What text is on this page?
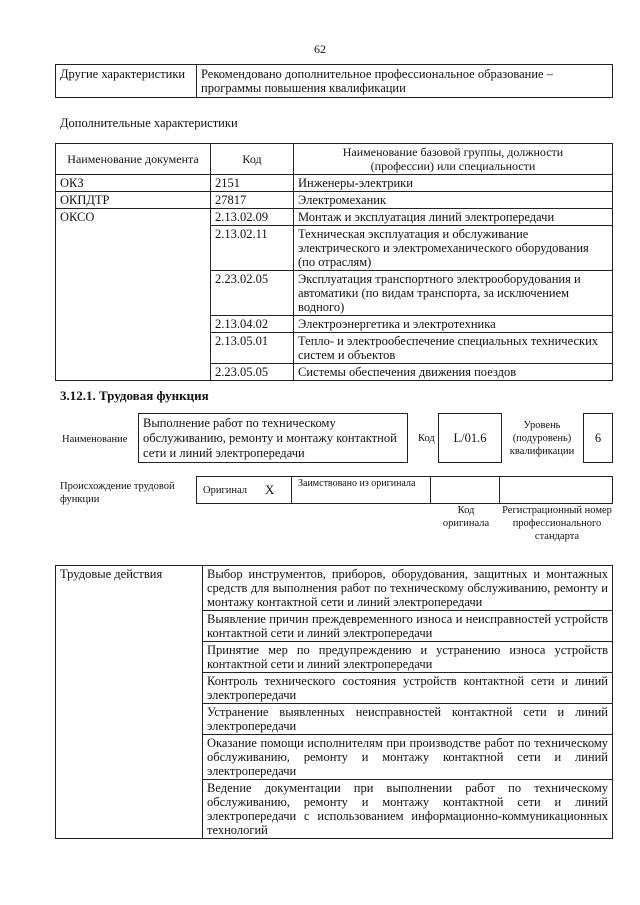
62
Другие характеристики	Рекомендовано дополнительное профессиональное образование – программы повышения квалификации
Дополнительные характеристики
Наименование документа	Код	Наименование базовой группы, должности (профессии) или специальности
ОКЗ	2151	Инженеры-электрики
ОКПДТР	27817	Электромеханик
ОКСО	2.13.02.09	Монтаж и эксплуатация линий электропередачи
	2.13.02.11	Техническая эксплуатация и обслуживание электрического и электромеханического оборудования (по отраслям)
	2.23.02.05	Эксплуатация транспортного электрооборудования и автоматики (по видам транспорта, за исключением водного)
	2.13.04.02	Электроэнергетика и электротехника
	2.13.05.01	Тепло- и электрообеспечение специальных технических систем и объектов
	2.23.05.05	Системы обеспечения движения поездов
3.12.1. Трудовая функция
Наименование
Выполнение работ по техническому обслуживанию, ремонту и монтажу контактной сети и линий электропередачи
Код	L/01.6
Уровень (подуровень) квалификации
6
Происхождение трудовой функции
Оригинал X	Заимствовано из оригинала
Код оригинала
Регистрационный номер профессионального стандарта
Трудовые действия	Выбор инструментов, приборов, оборудования, защитных и монтажных средств для выполнения работ по техническому обслуживанию, ремонту и монтажу контактной сети и линий электропередачи
Выявление причин преждевременного износа и неисправностей устройств контактной сети и линий электропередачи
Принятие мер по предупреждению и устранению износа устройств контактной сети и линий электропередачи
Контроль технического состояния устройств контактной сети и линий электропередачи
Устранение выявленных неисправностей контактной сети и линий электропередачи
Оказание помощи исполнителям при производстве работ по техническому обслуживанию, ремонту и монтажу контактной сети и линий электропередачи
Ведение документации при выполнении работ по техническому обслуживанию, ремонту и монтажу контактной сети и линий электропередачи с использованием информационно-коммуникационных технологий
